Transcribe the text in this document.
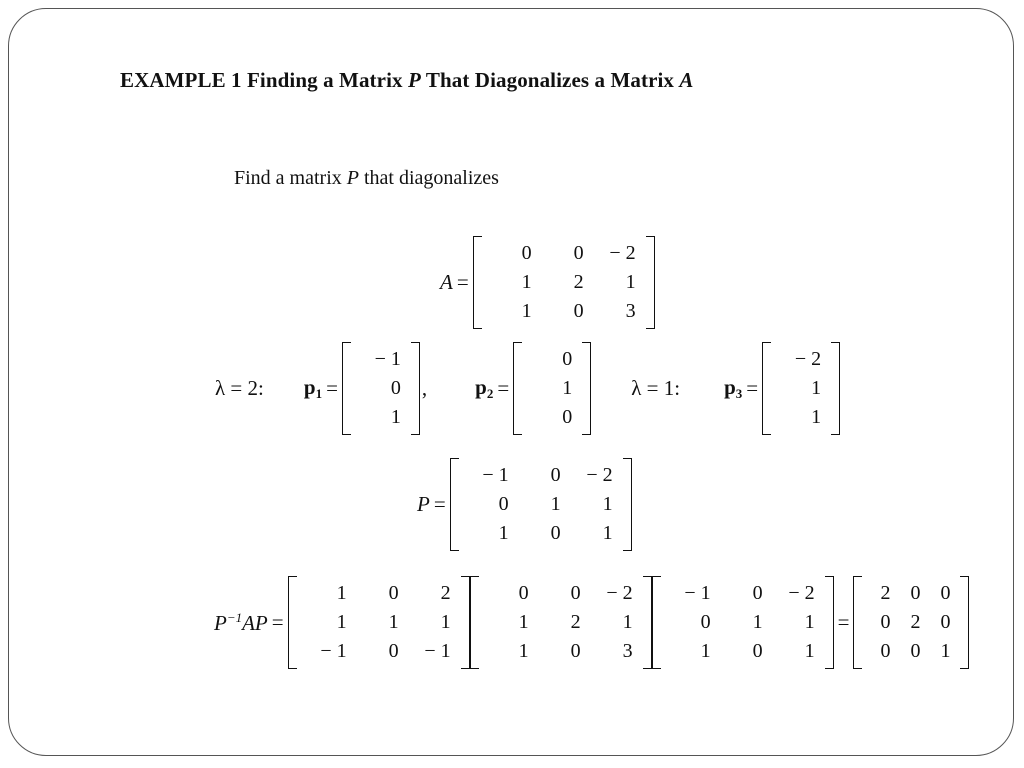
EXAMPLE 1 Finding a Matrix P That Diagonalizes a Matrix A
Find a matrix P that diagonalizes
A =
0	0	− 2
1	2	1
1	0	3
λ = 2: $p_1$ =
− 1
0
1
, $p_2$ =
0
1
0
λ = 1: $p_3$ =
− 2
1
1
P =
− 1	0	− 2
0	1	1
1	0	1
$P^{-1}AP$ =
1	0	2
1	1	1
− 1	0	− 1
0	0	− 2
1	2	1
1	0	3
− 1	0	− 2
0	1	1
1	0	1
=
2	0	0
0	2	0
0	0	1
